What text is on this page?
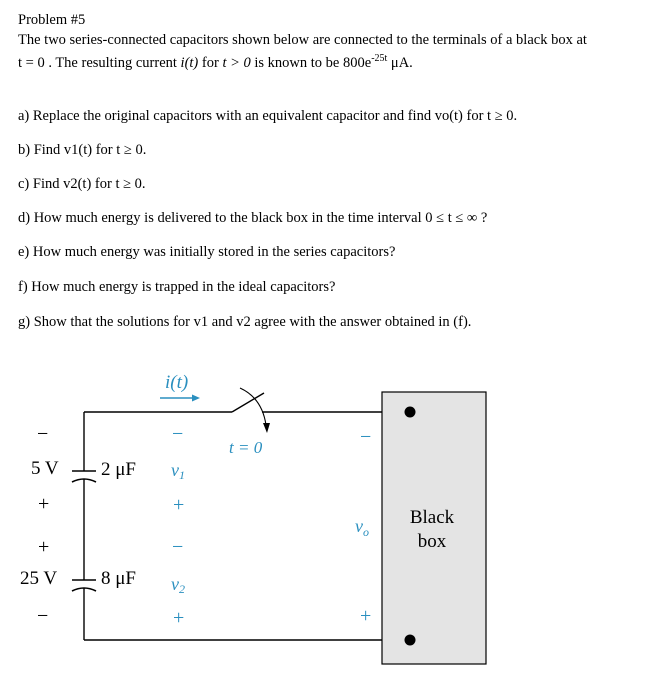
Problem #5
The two series-connected capacitors shown below are connected to the terminals of a black box at
t = 0 . The resulting current i(t) for t > 0 is known to be $800e^{-25t}$ μA.
a) Replace the original capacitors with an equivalent capacitor and find vo(t) for t ≥ 0.
b) Find v1(t) for t ≥ 0.
c) Find v2(t) for t ≥ 0.
d) How much energy is delivered to the black box in the time interval 0 ≤ t ≤ ∞ ?
e) How much energy was initially stored in the series capacitors?
f) How much energy is trapped in the ideal capacitors?
g) Show that the solutions for v1 and v2 agree with the answer obtained in (f).
i(t)
t = 0
Black
box
−
5 V
+
2 μF
+
25 V
−
8 μF
−
v1
+
−
v2
+
−
$v_o$
+
